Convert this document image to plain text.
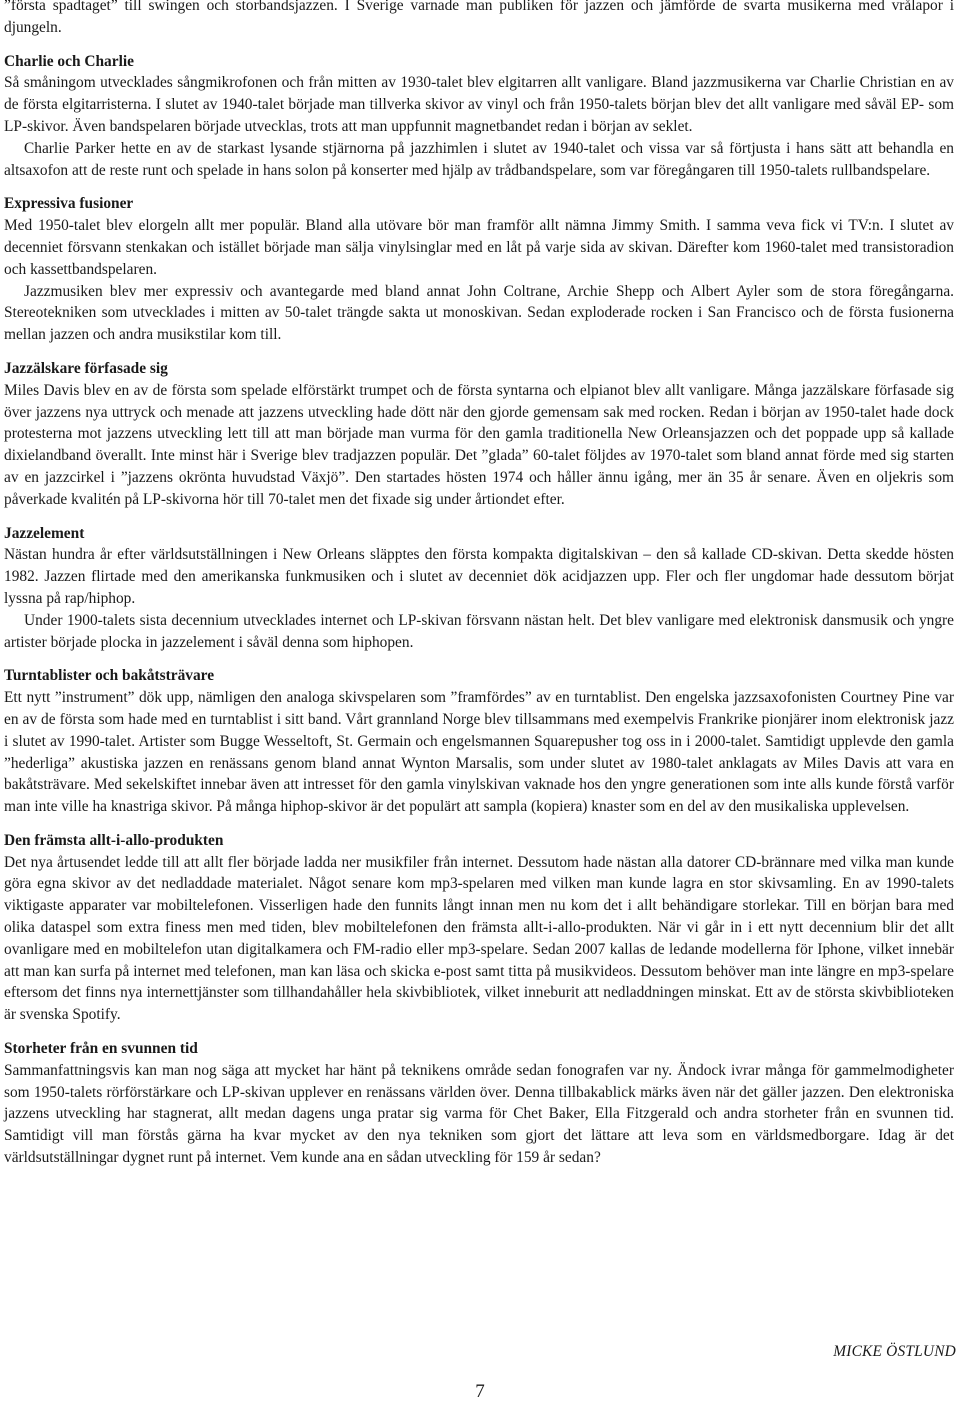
”första spadtaget” till swingen och storbandsjazzen. I Sverige varnade man publiken för jazzen och jämförde de svarta musikerna med vrålapor i djungeln.

Charlie och Charlie

Så småningom utvecklades sångmikrofonen och från mitten av 1930-talet blev elgitarren allt vanligare. Bland jazzmusikerna var Charlie Christian en av de första elgitarristerna. I slutet av 1940-talet började man tillverka skivor av vinyl och från 1950-talets början blev det allt vanligare med såväl EP- som LP-skivor. Även bandspelaren började utvecklas, trots att man uppfunnit magnetbandet redan i början av seklet.

Charlie Parker hette en av de starkast lysande stjärnorna på jazzhimlen i slutet av 1940-talet och vissa var så förtjusta i hans sätt att behandla en altsaxofon att de reste runt och spelade in hans solon på konserter med hjälp av trådbandspelare, som var föregångaren till 1950-talets rullbandspelare.

Expressiva fusioner

Med 1950-talet blev elorgeln allt mer populär. Bland alla utövare bör man framför allt nämna Jimmy Smith. I samma veva fick vi TV:n. I slutet av decenniet försvann stenkakan och istället började man sälja vinylsinglar med en låt på varje sida av skivan. Därefter kom 1960-talet med transistoradion och kassettbandspelaren.

Jazzmusiken blev mer expressiv och avantegarde med bland annat John Coltrane, Archie Shepp och Albert Ayler som de stora föregångarna. Stereotekniken som utvecklades i mitten av 50-talet trängde sakta ut monoskivan. Sedan exploderade rocken i San Francisco och de första fusionerna mellan jazzen och andra musikstilar kom till.

Jazzälskare förfasade sig

Miles Davis blev en av de första som spelade elförstärkt trumpet och de första syntarna och elpianot blev allt vanligare. Många jazzälskare förfasade sig över jazzens nya uttryck och menade att jazzens utveckling hade dött när den gjorde gemensam sak med rocken. Redan i början av 1950-talet hade dock protesterna mot jazzens utveckling lett till att man började man vurma för den gamla traditionella New Orleansjazzen och det poppade upp så kallade dixielandband överallt. Inte minst här i Sverige blev tradjazzen populär. Det ”glada” 60-talet följdes av 1970-talet som bland annat förde med sig starten av en jazzcirkel i ”jazzens okrönta huvudstad Växjö”. Den startades hösten 1974 och håller ännu igång, mer än 35 år senare. Även en oljekris som påverkade kvalitén på LP-skivorna hör till 70-talet men det fixade sig under årtiondet efter.

Jazzelement

Nästan hundra år efter världsutställningen i New Orleans släpptes den första kompakta digitalskivan – den så kallade CD-skivan. Detta skedde hösten 1982. Jazzen flirtade med den amerikanska funkmusiken och i slutet av decenniet dök acidjazzen upp. Fler och fler ungdomar hade dessutom börjat lyssna på rap/hiphop.

Under 1900-talets sista decennium utvecklades internet och LP-skivan försvann nästan helt. Det blev vanligare med elektronisk dansmusik och yngre artister började plocka in jazzelement i såväl denna som hiphopen.

Turntablister och bakåtsträvare

Ett nytt ”instrument” dök upp, nämligen den analoga skivspelaren som ”framfördes” av en turntablist. Den engelska jazzsaxofonisten Courtney Pine var en av de första som hade med en turntablist i sitt band. Vårt grannland Norge blev tillsammans med exempelvis Frankrike pionjärer inom elektronisk jazz i slutet av 1990-talet. Artister som Bugge Wesseltoft, St. Germain och engelsmannen Squarepusher tog oss in i 2000-talet. Samtidigt upplevde den gamla ”hederliga” akustiska jazzen en renässans genom bland annat Wynton Marsalis, som under slutet av 1980-talet anklagats av Miles Davis att vara en bakåtsträvare. Med sekelskiftet innebar även att intresset för den gamla vinylskivan vaknade hos den yngre generationen som inte alls kunde förstå varför man inte ville ha knastriga skivor. På många hiphop-skivor är det populärt att sampla (kopiera) knaster som en del av den musikaliska upplevelsen.

Den främsta allt-i-allo-produkten

Det nya årtusendet ledde till att allt fler började ladda ner musikfiler från internet. Dessutom hade nästan alla datorer CD-brännare med vilka man kunde göra egna skivor av det nedladdade materialet. Något senare kom mp3-spelaren med vilken man kunde lagra en stor skivsamling. En av 1990-talets viktigaste apparater var mobiltelefonen. Visserligen hade den funnits långt innan men nu kom det i allt behändigare storlekar. Till en början bara med olika dataspel som extra finess men med tiden, blev mobiltelefonen den främsta allt-i-allo-produkten. När vi går in i ett nytt decennium blir det allt ovanligare med en mobiltelefon utan digitalkamera och FM-radio eller mp3-spelare. Sedan 2007 kallas de ledande modellerna för Iphone, vilket innebär att man kan surfa på internet med telefonen, man kan läsa och skicka e-post samt titta på musikvideos. Dessutom behöver man inte längre en mp3-spelare eftersom det finns nya internettjänster som tillhandahåller hela skivbibliotek, vilket inneburit att nedladdningen minskat. Ett av de största skivbiblioteken är svenska Spotify.

Storheter från en svunnen tid

Sammanfattningsvis kan man nog säga att mycket har hänt på teknikens område sedan fonografen var ny. Ändock ivrar många för gammelmodigheter som 1950-talets rörförstärkare och LP-skivan upplever en renässans världen över. Denna tillbakablick märks även när det gäller jazzen. Den elektroniska jazzens utveckling har stagnerat, allt medan dagens unga pratar sig varma för Chet Baker, Ella Fitzgerald och andra storheter från en svunnen tid. Samtidigt vill man förstås gärna ha kvar mycket av den nya tekniken som gjort det lättare att leva som en världsmedborgare. Idag är det världsutställningar dygnet runt på internet. Vem kunde ana en sådan utveckling för 159 år sedan?

MICKE ÖSTLUND
7
